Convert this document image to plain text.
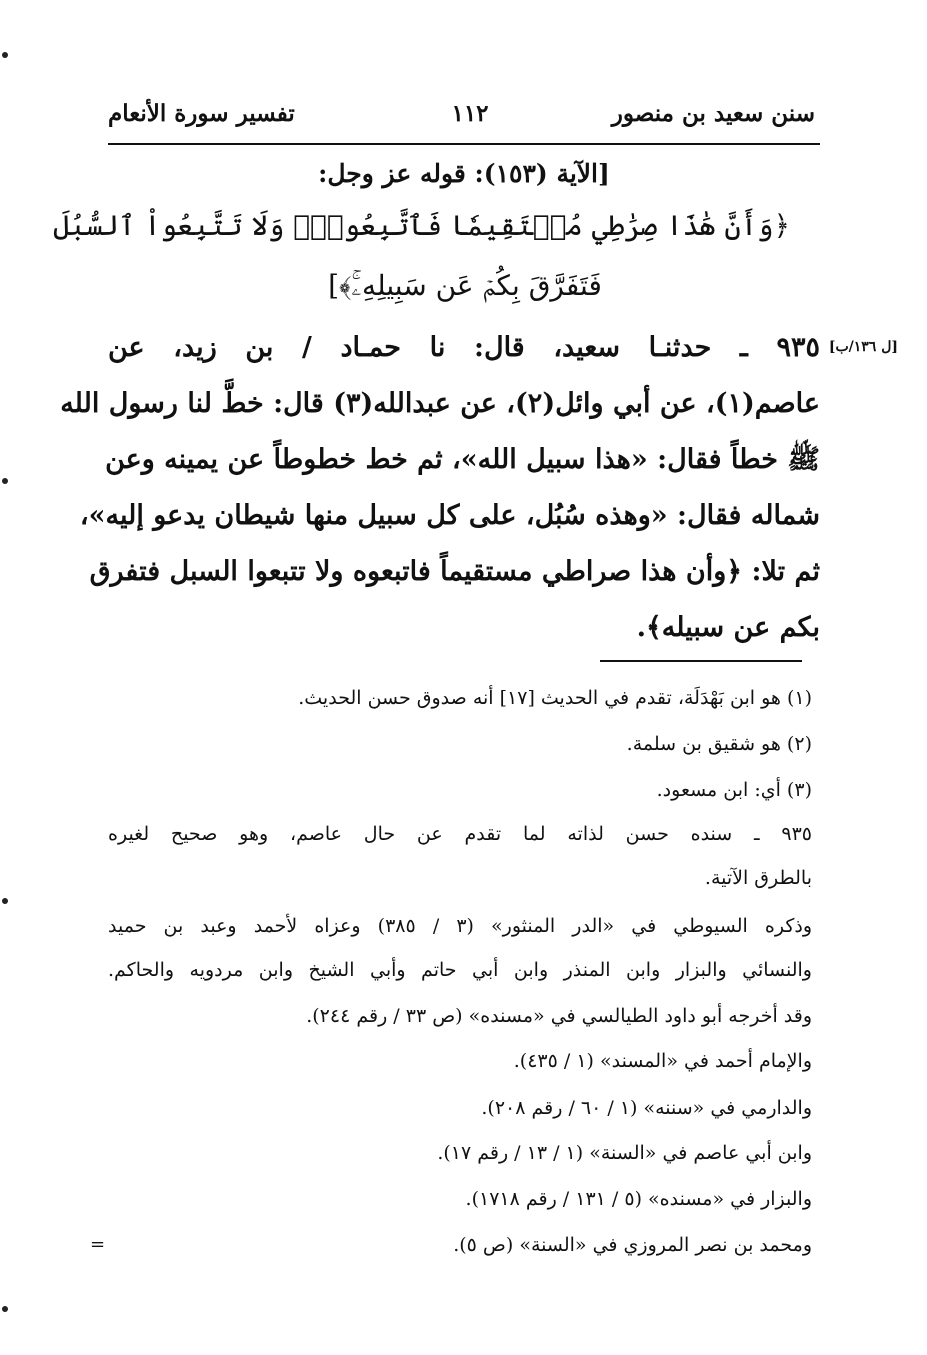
سنن سعيد بن منصور
١١٢
تفسير سورة الأنعام
[الآية (١٥٣): قوله عز وجل:
﴿وَأَنَّ هَٰذَا صِرَٰطِي مُسۡتَقِيمٗا فَٱتَّبِعُوهُۖ وَلَا تَتَّبِعُواْ ٱلسُّبُلَ
فَتَفَرَّقَ بِكُمۡ عَن سَبِيلِهِۦۚ﴾]
[ل ١٣٦/ب]
٩٣٥ ـ حدثنـا سعيد، قال: نا حمـاد / بن زيد، عن
عاصم(١)، عن أبي وائل(٢)، عن عبدالله(٣) قال: خطَّ لنا رسول الله
ﷺ خطاً فقال: «هذا سبيل الله»، ثم خط خطوطاً عن يمينه وعن
شماله فقال: «وهذه سُبُل، على كل سبيل منها شيطان يدعو إليه»،
ثم تلا: ﴿وأن هذا صراطي مستقيماً فاتبعوه ولا تتبعوا السبل فتفرق
بكم عن سبيله﴾.
(١) هو ابن بَهْدَلَة، تقدم في الحديث [١٧] أنه صدوق حسن الحديث.
(٢) هو شقيق بن سلمة.
(٣) أي: ابن مسعود.
٩٣٥ ـ سنده حسن لذاته لما تقدم عن حال عاصم، وهو صحيح لغيره
بالطرق الآتية.
وذكره السيوطي في «الدر المنثور» (٣ / ٣٨٥) وعزاه لأحمد وعبد بن حميد
والنسائي والبزار وابن المنذر وابن أبي حاتم وأبي الشيخ وابن مردويه والحاكم.
وقد أخرجه أبو داود الطيالسي في «مسنده» (ص ٣٣ / رقم ٢٤٤).
والإمام أحمد في «المسند» (١ / ٤٣٥).
والدارمي في «سننه» (١ / ٦٠ / رقم ٢٠٨).
وابن أبي عاصم في «السنة» (١ / ١٣ / رقم ١٧).
والبزار في «مسنده» (٥ / ١٣١ / رقم ١٧١٨).
ومحمد بن نصر المروزي في «السنة» (ص ٥).
=
